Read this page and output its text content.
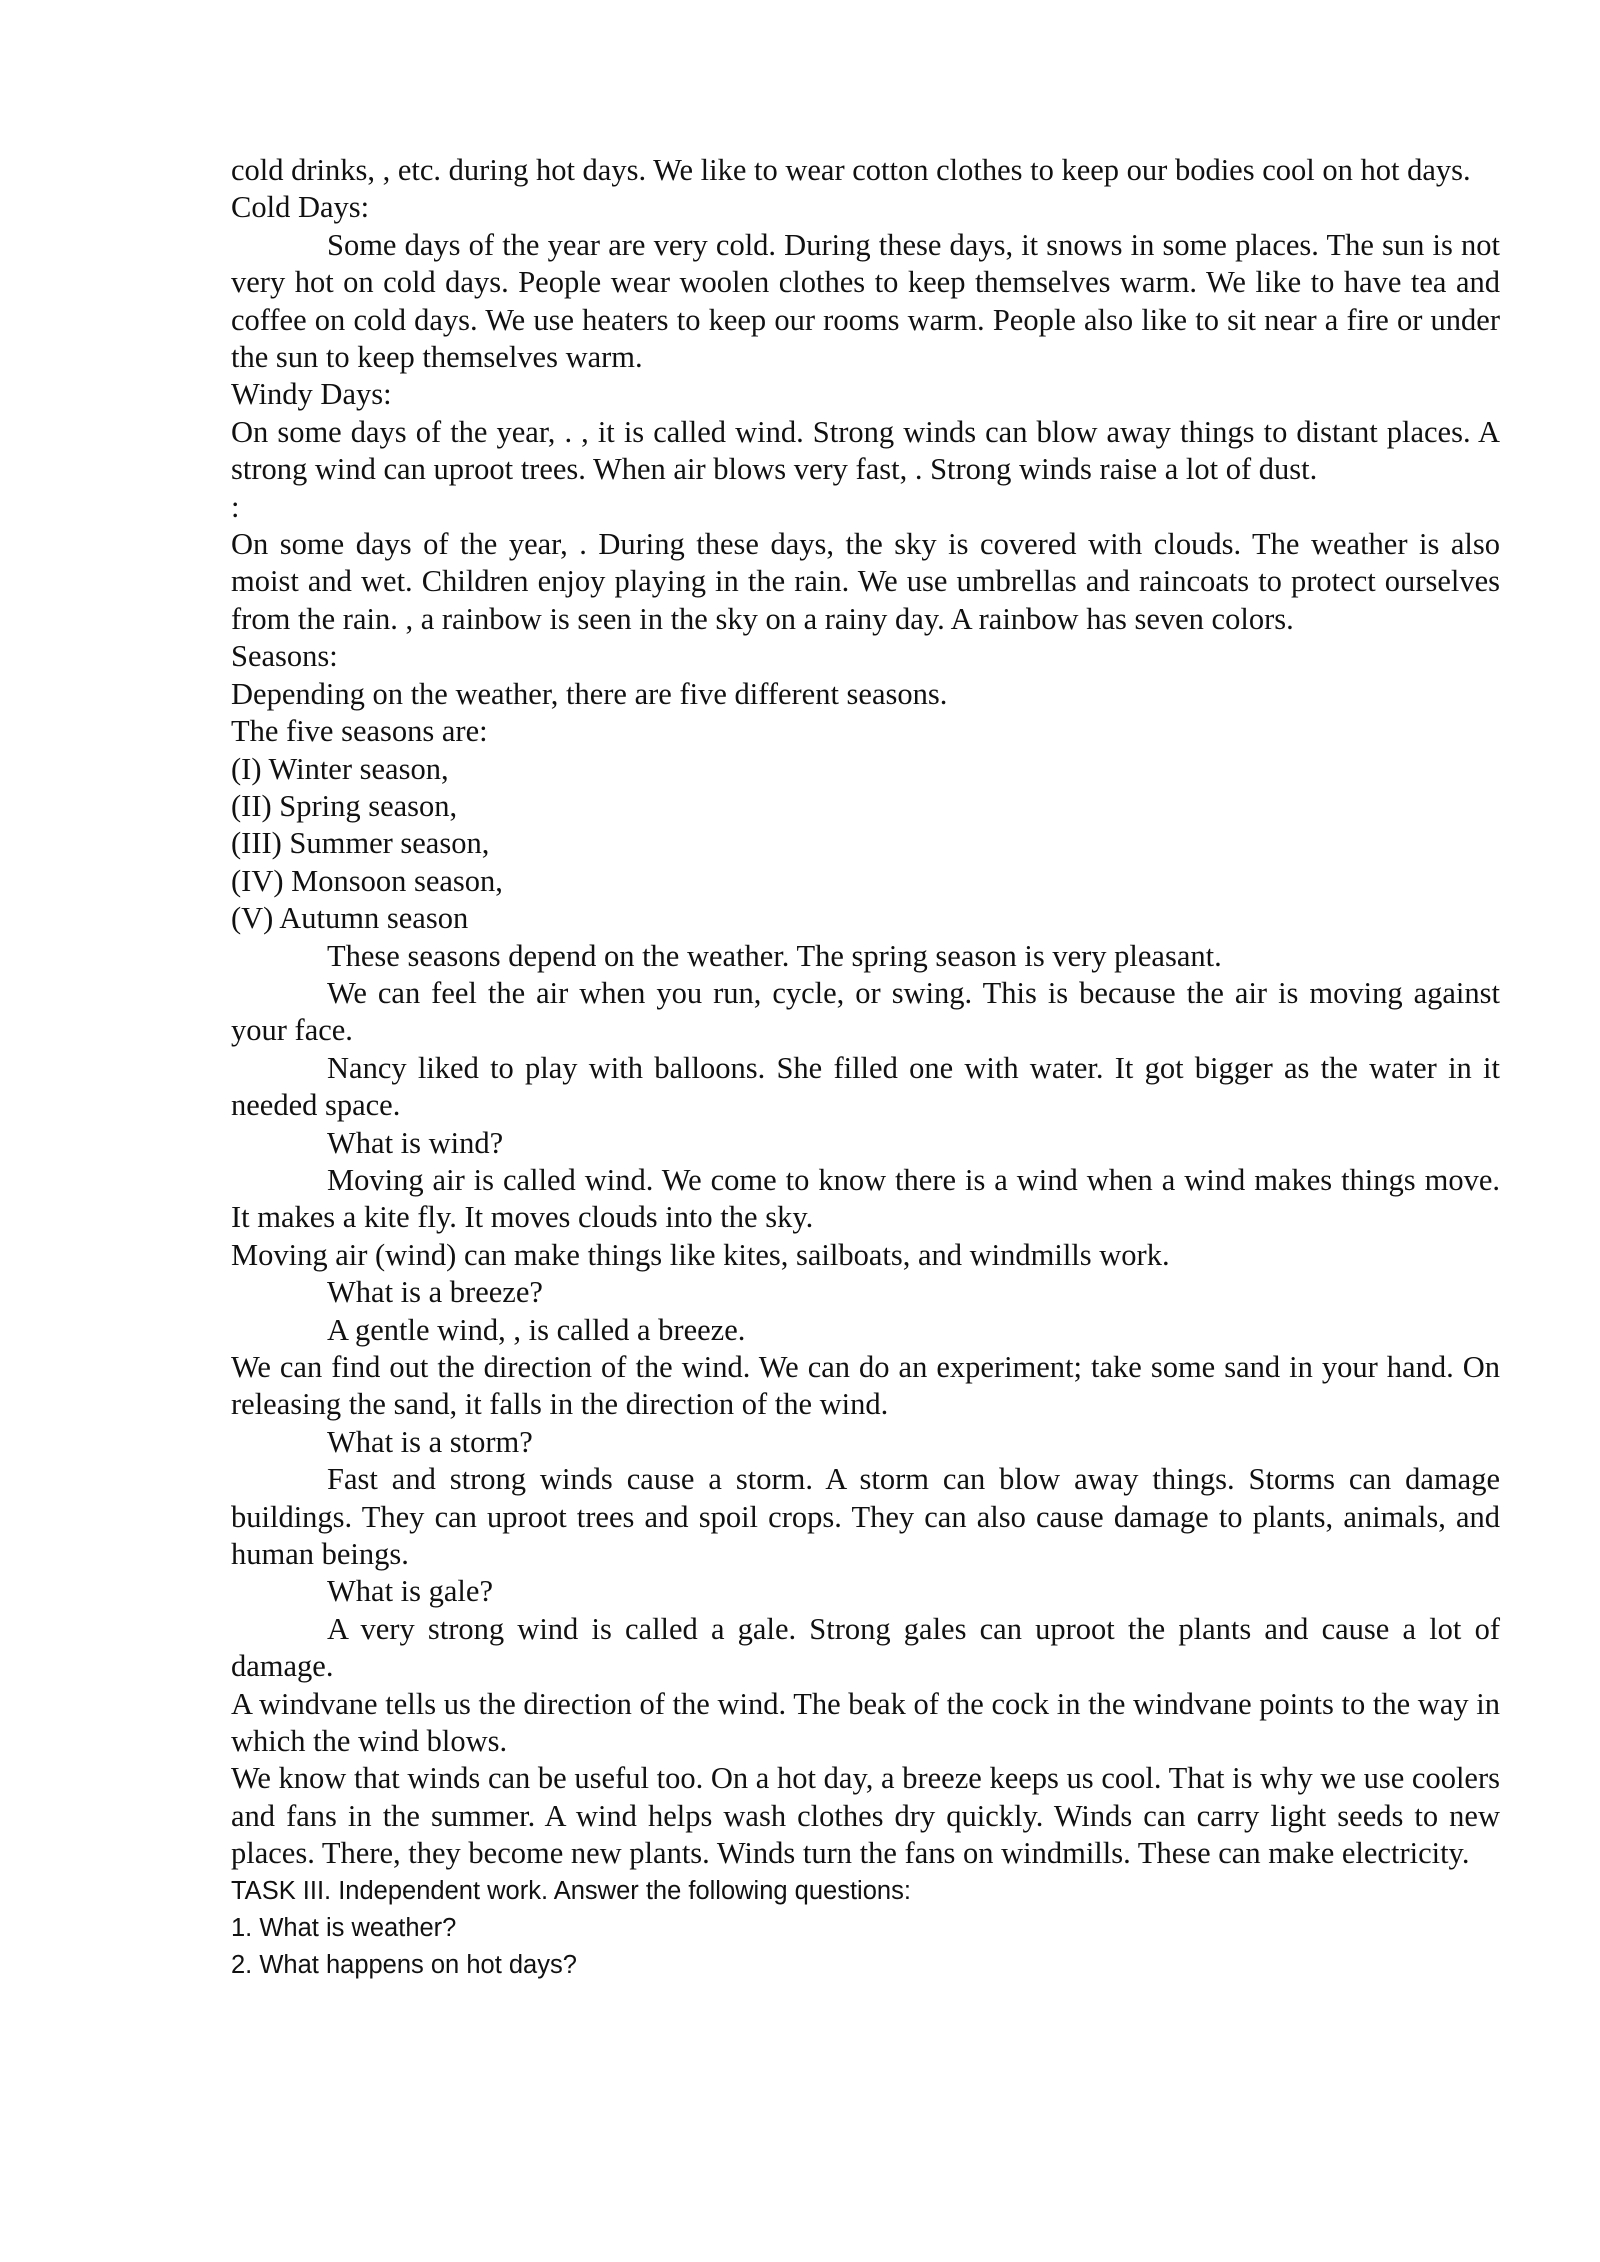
cold drinks, , etc. during hot days. We like to wear cotton clothes to keep our bodies cool on hot days.

Cold Days:

Some days of the year are very cold. During these days, it snows in some places. The sun is not very hot on cold days. People wear woolen clothes to keep themselves warm. We like to have tea and coffee on cold days. We use heaters to keep our rooms warm. People also like to sit near a fire or under the sun to keep themselves warm.

Windy Days:

On some days of the year, . , it is called wind. Strong winds can blow away things to distant places. A strong wind can uproot trees. When air blows very fast, . Strong winds raise a lot of dust.

:

On some days of the year, . During these days, the sky is covered with clouds. The weather is also moist and wet. Children enjoy playing in the rain. We use umbrellas and raincoats to protect ourselves from the rain. , a rainbow is seen in the sky on a rainy day. A rainbow has seven colors.

Seasons:

Depending on the weather, there are five different seasons.

The five seasons are:

(I) Winter season,

(II) Spring season,

(III) Summer season,

(IV) Monsoon season,

(V) Autumn season

These seasons depend on the weather. The spring season is very pleasant.

We can feel the air when you run, cycle, or swing. This is because the air is moving against your face.

Nancy liked to play with balloons. She filled one with water. It got bigger as the water in it needed space.

What is wind?

Moving air is called wind. We come to know there is a wind when a wind makes things move. It makes a kite fly. It moves clouds into the sky.

Moving air (wind) can make things like kites, sailboats, and windmills work.

What is a breeze?

A gentle wind, , is called a breeze.

We can find out the direction of the wind. We can do an experiment; take some sand in your hand. On releasing the sand, it falls in the direction of the wind.

What is a storm?

Fast and strong winds cause a storm. A storm can blow away things. Storms can damage buildings. They can uproot trees and spoil crops. They can also cause damage to plants, animals, and human beings.

What is gale?

A very strong wind is called a gale. Strong gales can uproot the plants and cause a lot of damage.

A windvane tells us the direction of the wind. The beak of the cock in the windvane points to the way in which the wind blows.

We know that winds can be useful too. On a hot day, a breeze keeps us cool. That is why we use coolers and fans in the summer. A wind helps wash clothes dry quickly. Winds can carry light seeds to new places. There, they become new plants. Winds turn the fans on windmills. These can make electricity.

TASK III. Independent work. Answer the following questions:

1. What is weather?

2. What happens on hot days?
